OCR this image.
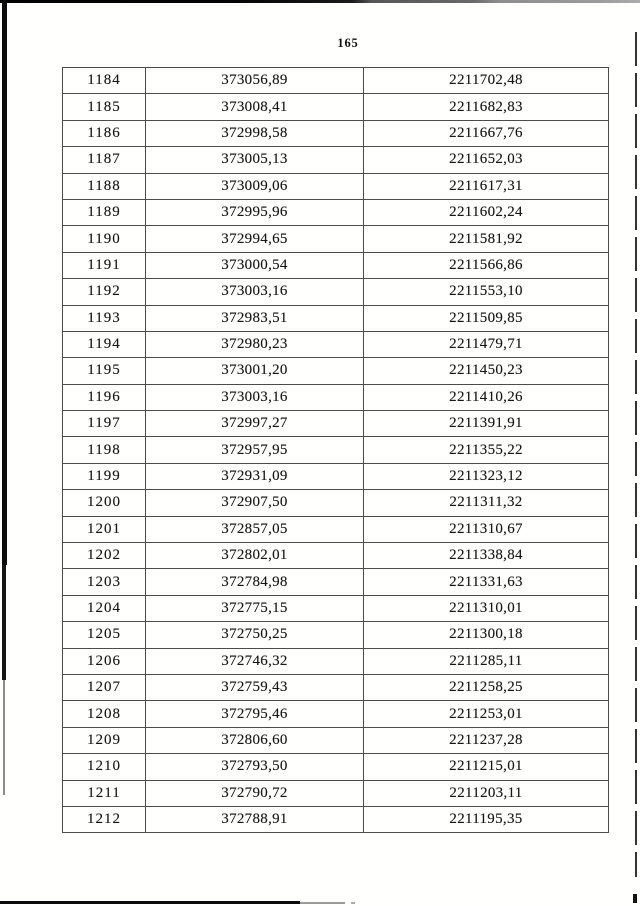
165
1184	373056,89	2211702,48
1185	373008,41	2211682,83
1186	372998,58	2211667,76
1187	373005,13	2211652,03
1188	373009,06	2211617,31
1189	372995,96	2211602,24
1190	372994,65	2211581,92
1191	373000,54	2211566,86
1192	373003,16	2211553,10
1193	372983,51	2211509,85
1194	372980,23	2211479,71
1195	373001,20	2211450,23
1196	373003,16	2211410,26
1197	372997,27	2211391,91
1198	372957,95	2211355,22
1199	372931,09	2211323,12
1200	372907,50	2211311,32
1201	372857,05	2211310,67
1202	372802,01	2211338,84
1203	372784,98	2211331,63
1204	372775,15	2211310,01
1205	372750,25	2211300,18
1206	372746,32	2211285,11
1207	372759,43	2211258,25
1208	372795,46	2211253,01
1209	372806,60	2211237,28
1210	372793,50	2211215,01
1211	372790,72	2211203,11
1212	372788,91	2211195,35
